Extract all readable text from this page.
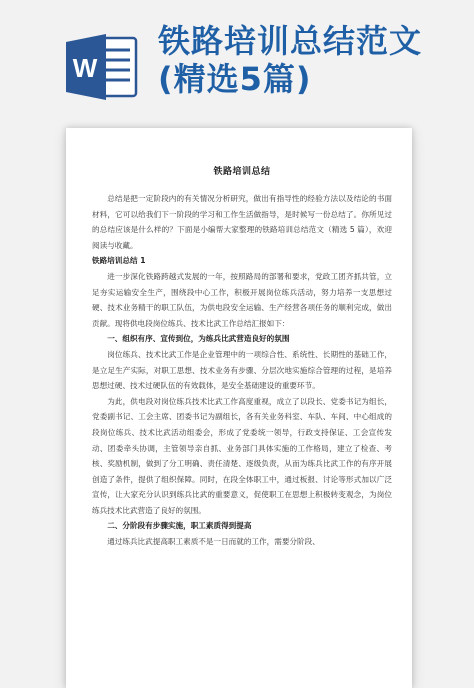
W
铁路培训总结范文
(精选5篇)
铁路培训总结

总结是把一定阶段内的有关情况分析研究，做出有指导性的经验方法以及结论的书面材料，它可以给我们下一阶段的学习和工作生活做指导，是时候写一份总结了。你所见过的总结应该是什么样的？下面是小编帮大家整理的铁路培训总结范文（精选 5 篇），欢迎阅读与收藏。

铁路培训总结 1

进一步深化铁路跨越式发展的一年，按照路局的部署和要求，党政工团齐抓共管，立足夯实运输安全生产，围绕段中心工作，积极开展岗位练兵活动，努力培养一支思想过硬、技术业务精干的职工队伍，为供电段安全运输、生产经营各项任务的顺利完成，做出贡献。现将供电段岗位练兵、技术比武工作总结汇报如下：

一、组织有序、宣传到位，为练兵比武营造良好的氛围

岗位练兵、技术比武工作是企业管理中的一项综合性、系统性、长期性的基础工作，是立足生产实际，对职工思想、技术业务有步骤、分层次地实施综合管理的过程，是培养思想过硬、技术过硬队伍的有效载体，是安全基础建设的重要环节。

为此，供电段对岗位练兵技术比武工作高度重视，成立了以段长、党委书记为组长，党委副书记、工会主席、团委书记为副组长，各有关业务科室、车队、车间、中心组成的段岗位练兵、技术比武活动组委会，形成了党委统一领导，行政支持保证、工会宣传发动、团委牵头协调，主管领导亲自抓、业务部门具体实施的工作格局，建立了检查、考核、奖励机制，做到了分工明确、责任清楚、逐级负责，从而为练兵比武工作的有序开展创造了条件，提供了组织保障。同时，在段全体职工中，通过板报、讨论等形式加以广泛宣传，让大家充分认识到练兵比武的重要意义，促使职工在思想上积极转变观念，为岗位练兵技术比武营造了良好的氛围。

二、分阶段有步骤实施，职工素质得到提高

通过练兵比武提高职工素质不是一日而就的工作，需要分阶段、
